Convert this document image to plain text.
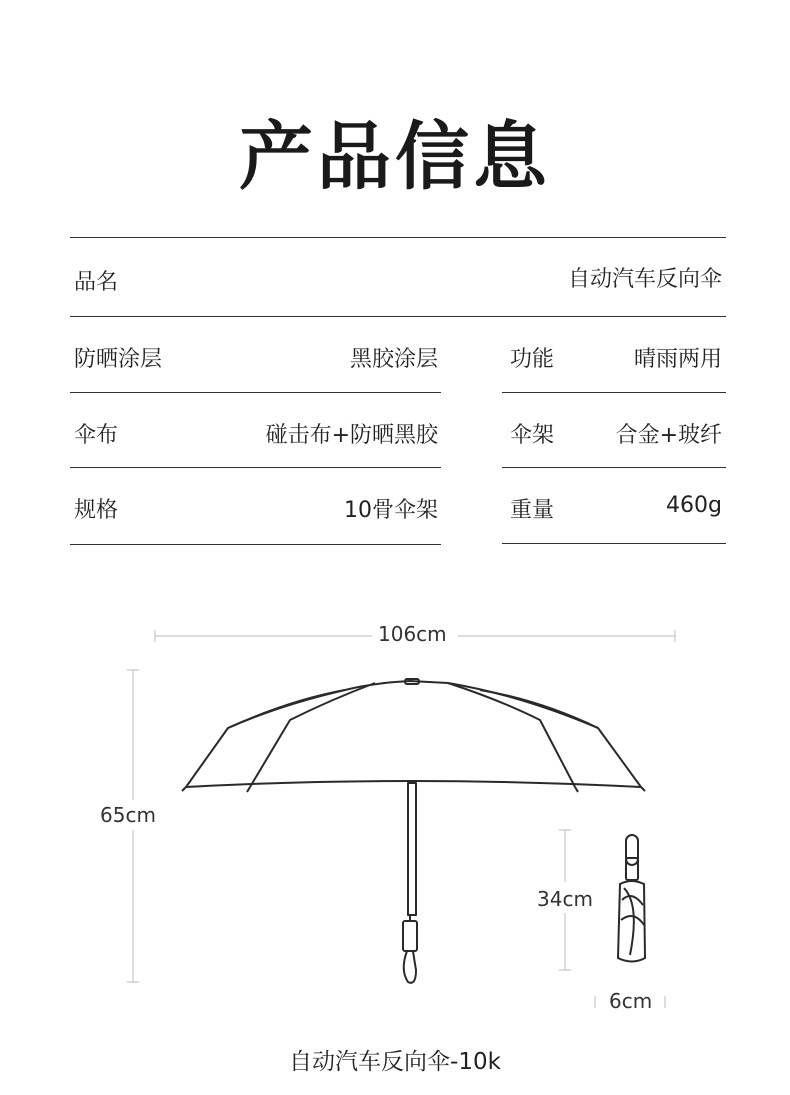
产品信息
品名	自动汽车反向伞
防晒涂层	黑胶涂层	功能	晴雨两用
伞布	碰击布+防晒黑胶	伞架	合金+玻纤
规格	10骨伞架	重量	460g
106cm
65cm
34cm
6cm
自动汽车反向伞-10k
